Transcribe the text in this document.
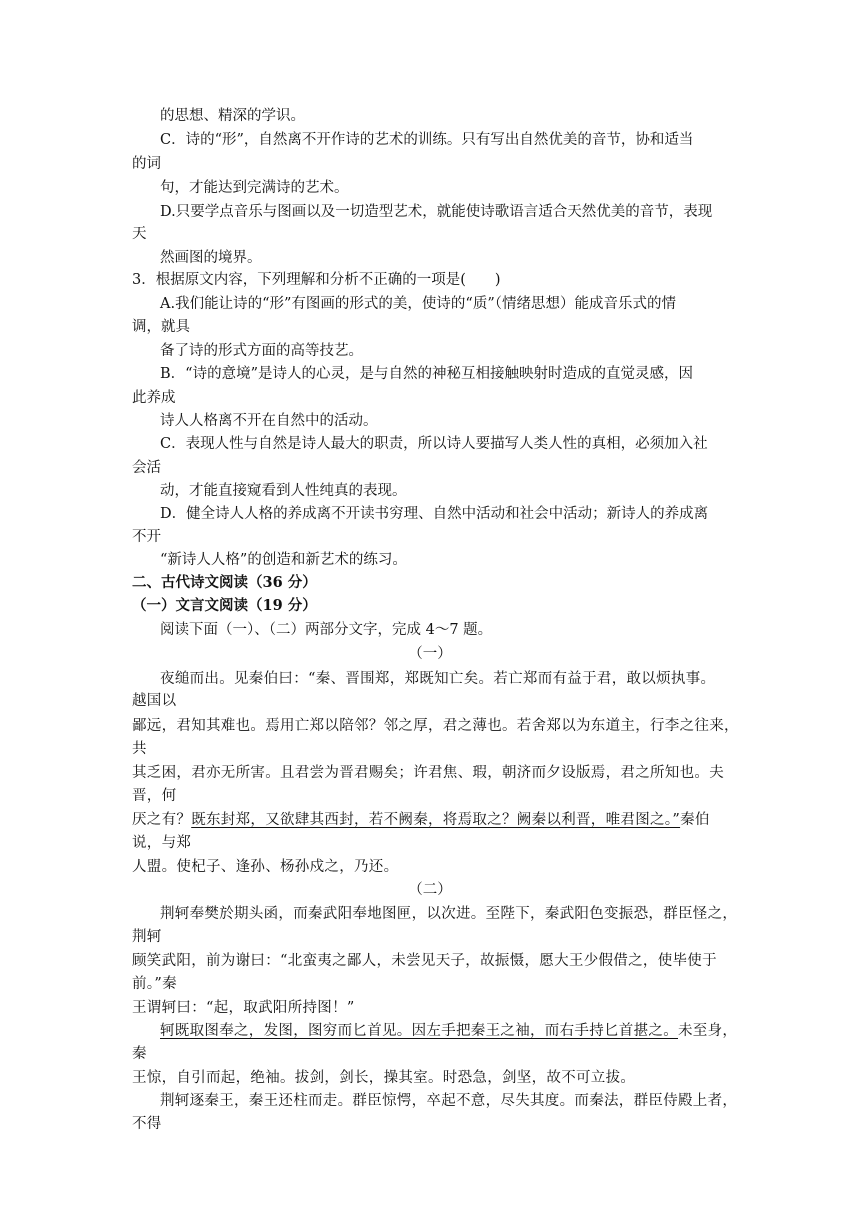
的思想、精深的学识。
C．诗的“形”，自然离不开作诗的艺术的训练。只有写出自然优美的音节，协和适当
的词
句，才能达到完满诗的艺术。
D.只要学点音乐与图画以及一切造型艺术，就能使诗歌语言适合天然优美的音节，表现
天
然画图的境界。
3．根据原文内容，下列理解和分析不正确的一项是(　　)
A.我们能让诗的“形”有图画的形式的美，使诗的“质”（情绪思想）能成音乐式的情
调，就具
备了诗的形式方面的高等技艺。
B．“诗的意境”是诗人的心灵，是与自然的神秘互相接触映射时造成的直觉灵感，因
此养成
诗人人格离不开在自然中的活动。
C．表现人性与自然是诗人最大的职责，所以诗人要描写人类人性的真相，必须加入社
会活
动，才能直接窥看到人性纯真的表现。
D．健全诗人人格的养成离不开读书穷理、自然中活动和社会中活动；新诗人的养成离
不开
“新诗人人格”的创造和新艺术的练习。
二、古代诗文阅读（36 分）
（一）文言文阅读（19 分）
阅读下面（一）、（二）两部分文字，完成 4～7 题。
（一）
夜缒而出。见秦伯曰：“秦、晋围郑，郑既知亡矣。若亡郑而有益于君，敢以烦执事。
越国以
鄙远，君知其难也。焉用亡郑以陪邻？邻之厚，君之薄也。若舍郑以为东道主，行李之往来，
共
其乏困，君亦无所害。且君尝为晋君赐矣；许君焦、瑕，朝济而夕设版焉，君之所知也。夫
晋，何
厌之有？既东封郑，又欲肆其西封，若不阙秦，将焉取之？阙秦以利晋，唯君图之。”秦伯
说，与郑
人盟。使杞子、逢孙、杨孙戍之，乃还。
（二）
荆轲奉樊於期头函，而秦武阳奉地图匣，以次进。至陛下，秦武阳色变振恐，群臣怪之，
荆轲
顾笑武阳，前为谢曰：“北蛮夷之鄙人，未尝见天子，故振慑，愿大王少假借之，使毕使于
前。”秦
王谓轲曰：“起，取武阳所持图！”
轲既取图奉之，发图，图穷而匕首见。因左手把秦王之袖，而右手持匕首揕之。未至身，
秦
王惊，自引而起，绝袖。拔剑，剑长，操其室。时恐急，剑坚，故不可立拔。
荆轲逐秦王，秦王还柱而走。群臣惊愕，卒起不意，尽失其度。而秦法，群臣侍殿上者，
不得
